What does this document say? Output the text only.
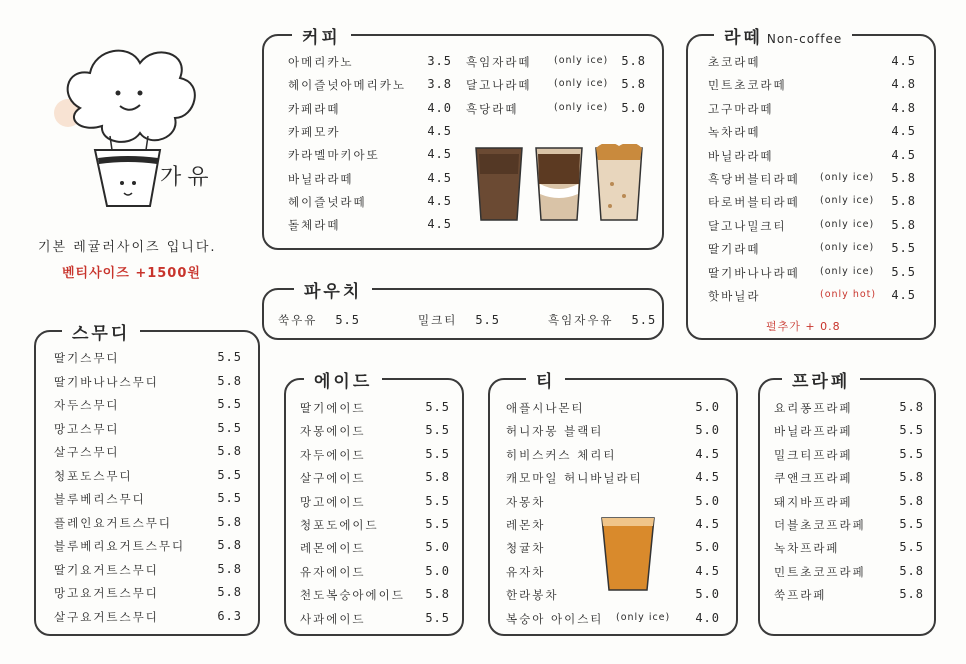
가유
기본 레귤러사이즈 입니다.
벤티사이즈 +1500원
커피
아메리카노	3.5
헤이즐넛아메리카노 3.8
카페라떼	4.0
카페모카	4.5
카라멜마키아또	4.5
바닐라라떼	4.5
헤이즐넛라떼	4.5
돌체라떼	4.5
흑임자라떼 (only ice) 5.8
달고나라떼 (only ice) 5.8
흑당라떼	(only ice) 5.0
라떼 Non-coffee
초코라떼	4.5
민트초코라떼	4.8
고구마라떼	4.8
녹차라떼	4.5
바닐라라떼	4.5
흑당버블티라떼 (only ice) 5.8
타로버블티라떼 (only ice) 5.8
달고나밀크티	(only ice) 5.8
딸기라떼	(only ice) 5.5
딸기바나나라떼 (only ice) 5.5
핫바닐라	(only hot) 4.5
펄추가 + 0.8
파우치
쑥우유 5.5	밀크티 5.5	흑임자우유 5.5
스무디
딸기스무디	5.5
딸기바나나스무디	5.8
자두스무디	5.5
망고스무디	5.5
살구스무디	5.8
청포도스무디	5.5
블루베리스무디	5.5
플레인요거트스무디	5.8
블루베리요거트스무디	5.8
딸기요거트스무디	5.8
망고요거트스무디	5.8
살구요거트스무디	6.3
에이드
딸기에이드	5.5
자몽에이드	5.5
자두에이드	5.5
살구에이드	5.8
망고에이드	5.5
청포도에이드	5.5
레몬에이드	5.0
유자에이드	5.0
천도복숭아에이드 5.8
사과에이드	5.5
티
애플시나몬티	5.0
허니자몽 블랙티	5.0
히비스커스 체리티	4.5
캐모마일 허니바닐라티	4.5
자몽차	5.0
레몬차	4.5
청귤차	5.0
유자차	4.5
한라봉차	5.0
복숭아 아이스티 (only ice) 4.0
프라페
요리퐁프라페	5.8
바닐라프라페	5.5
밀크티프라페	5.5
쿠앤크프라페	5.8
돼지바프라페	5.8
더블초코프라페	5.5
녹차프라페	5.5
민트초코프라페	5.8
쑥프라페	5.8
